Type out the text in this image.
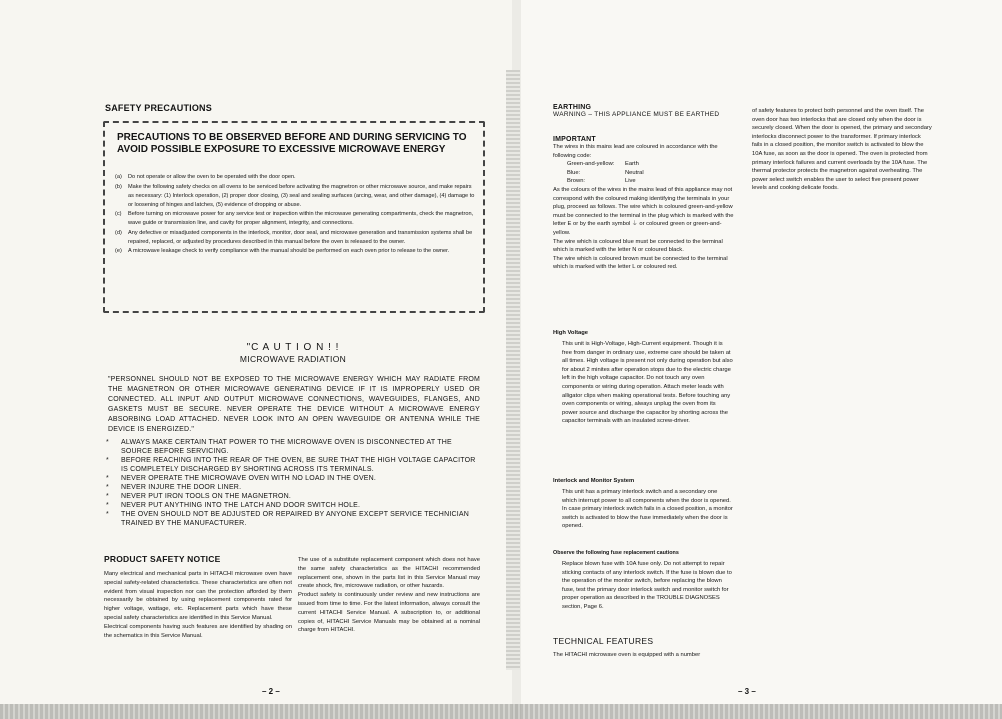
SAFETY PRECAUTIONS
PRECAUTIONS TO BE OBSERVED BEFORE AND DURING SERVICING TO AVOID POSSIBLE EXPOSURE TO EXCESSIVE MICROWAVE ENERGY
(a) Do not operate or allow the oven to be operated with the door open.
(b) Make the following safety checks on all ovens to be serviced before activating the magnetron or other microwave source, and make repairs as necessary: (1) Interlock operation, (2) proper door closing, (3) seal and sealing surfaces (arcing, wear, and other damage), (4) damage to or loosening of hinges and latches, (5) evidence of dropping or abuse.
(c) Before turning on microwave power for any service test or inspection within the microwave generating compartments, check the magnetron, wave guide or transmission line, and cavity for proper alignment, integrity, and connections.
(d) Any defective or misadjusted components in the interlock, monitor, door seal, and microwave generation and transmission systems shall be repaired, replaced, or adjusted by procedures described in this manual before the oven is released to the owner.
(e) A microwave leakage check to verify compliance with the manual should be performed on each oven prior to release to the owner.
"C A U T I O N ! !
MICROWAVE RADIATION
"PERSONNEL SHOULD NOT BE EXPOSED TO THE MICROWAVE ENERGY WHICH MAY RADIATE FROM THE MAGNETRON OR OTHER MICROWAVE GENERATING DEVICE IF IT IS IMPROPERLY USED OR CONNECTED. ALL INPUT AND OUTPUT MICROWAVE CONNECTIONS, WAVEGUIDES, FLANGES, AND GASKETS MUST BE SECURE. NEVER OPERATE THE DEVICE WITHOUT A MICROWAVE ENERGY ABSORBING LOAD ATTACHED. NEVER LOOK INTO AN OPEN WAVEGUIDE OR ANTENNA WHILE THE DEVICE IS ENERGIZED."
* ALWAYS MAKE CERTAIN THAT POWER TO THE MICROWAVE OVEN IS DISCONNECTED AT THE SOURCE BEFORE SERVICING.
* BEFORE REACHING INTO THE REAR OF THE OVEN, BE SURE THAT THE HIGH VOLTAGE CAPACITOR IS COMPLETELY DISCHARGED BY SHORTING ACROSS ITS TERMINALS.
* NEVER OPERATE THE MICROWAVE OVEN WITH NO LOAD IN THE OVEN.
* NEVER INJURE THE DOOR LINER.
* NEVER PUT IRON TOOLS ON THE MAGNETRON.
* NEVER PUT ANYTHING INTO THE LATCH AND DOOR SWITCH HOLE.
* THE OVEN SHOULD NOT BE ADJUSTED OR REPAIRED BY ANYONE EXCEPT SERVICE TECHNICIAN TRAINED BY THE MANUFACTURER.
PRODUCT SAFETY NOTICE
Many electrical and mechanical parts in HITACHI microwave oven have special safety-related characteristics. These characteristics are often not evident from visual inspection nor can the protection afforded by them necessarily be obtained by using replacement components rated for higher voltage, wattage, etc. Replacement parts which have these special safety characteristics are identified in this Service Manual.
Electrical components having such features are identified by shading on the schematics in this Service Manual.
The use of a substitute replacement component which does not have the same safety characteristics as the HITACHI recommended replacement one, shown in the parts list in this Service Manual may create shock, fire, microwave radiation, or other hazards.
Product safety is continuously under review and new instructions are issued from time to time. For the latest information, always consult the current HITACHI Service Manual. A subscription to, or additional copies of, HITACHI Service Manuals may be obtained at a nominal charge from HITACHI.
– 2 –
EARTHING
WARNING – THIS APPLIANCE MUST BE EARTHED
IMPORTANT
The wires in this mains lead are coloured in accordance with the following code:
Green-and-yellow: Earth
Blue:	Neutral
Brown:	Live
As the colours of the wires in the mains lead of this appliance may not correspond with the coloured making identifying the terminals in your plug, proceed as follows. The wire which is coloured green-and-yellow must be connected to the terminal in the plug which is marked with the letter E or by the earth symbol ⏚ or coloured green or green-and-yellow.
The wire which is coloured blue must be connected to the terminal which is marked with the letter N or coloured black.
The wire which is coloured brown must be connected to the terminal which is marked with the letter L or coloured red.
High Voltage
This unit is High-Voltage, High-Current equipment. Though it is free from danger in ordinary use, extreme care should be taken at all times. High voltage is present not only during operation but also for about 2 minites after operation stops due to the electric charge left in the high voltage capacitor. Do not touch any oven components or wiring during operation. Attach meter leads with alligator clips when making operational tests. Before touching any oven components or wiring, always unplug the oven from its power source and discharge the capacitor by shorting across the capacitor terminals with an insulated screw-driver.
Interlock and Monitor System
This unit has a primary interlock switch and a secondary one which interrupt power to all components when the door is opened. In case primary interlock switch fails in a closed position, a monitor switch is activated to blow the fuse immediately when the door is opened.
Observe the following fuse replacement cautions
Replace blown fuse with 10A fuse only. Do not attempt to repair sticking contacts of any interlock switch. If the fuse is blown due to the operation of the monitor switch, before replacing the blown fuse, test the primary door interlock switch and monitor switch for proper operation as described in the TROUBLE DIAGNOSES section, Page 6.
TECHNICAL FEATURES
The HITACHI microwave oven is equipped with a number
of safety features to protect both personnel and the oven itself. The oven door has two interlocks that are closed only when the door is securely closed. When the door is opened, the primary and secondary interlocks disconnect power to the transformer. If primary interlock fails in a closed position, the monitor switch is activated to blow the 10A fuse, as soon as the door is opened. The oven is protected from primary interlock failures and current overloads by the 10A fuse. The thermal protector protects the magnetron against overheating. The power select switch enables the user to select five present power levels and cooking delicate foods.
– 3 –
